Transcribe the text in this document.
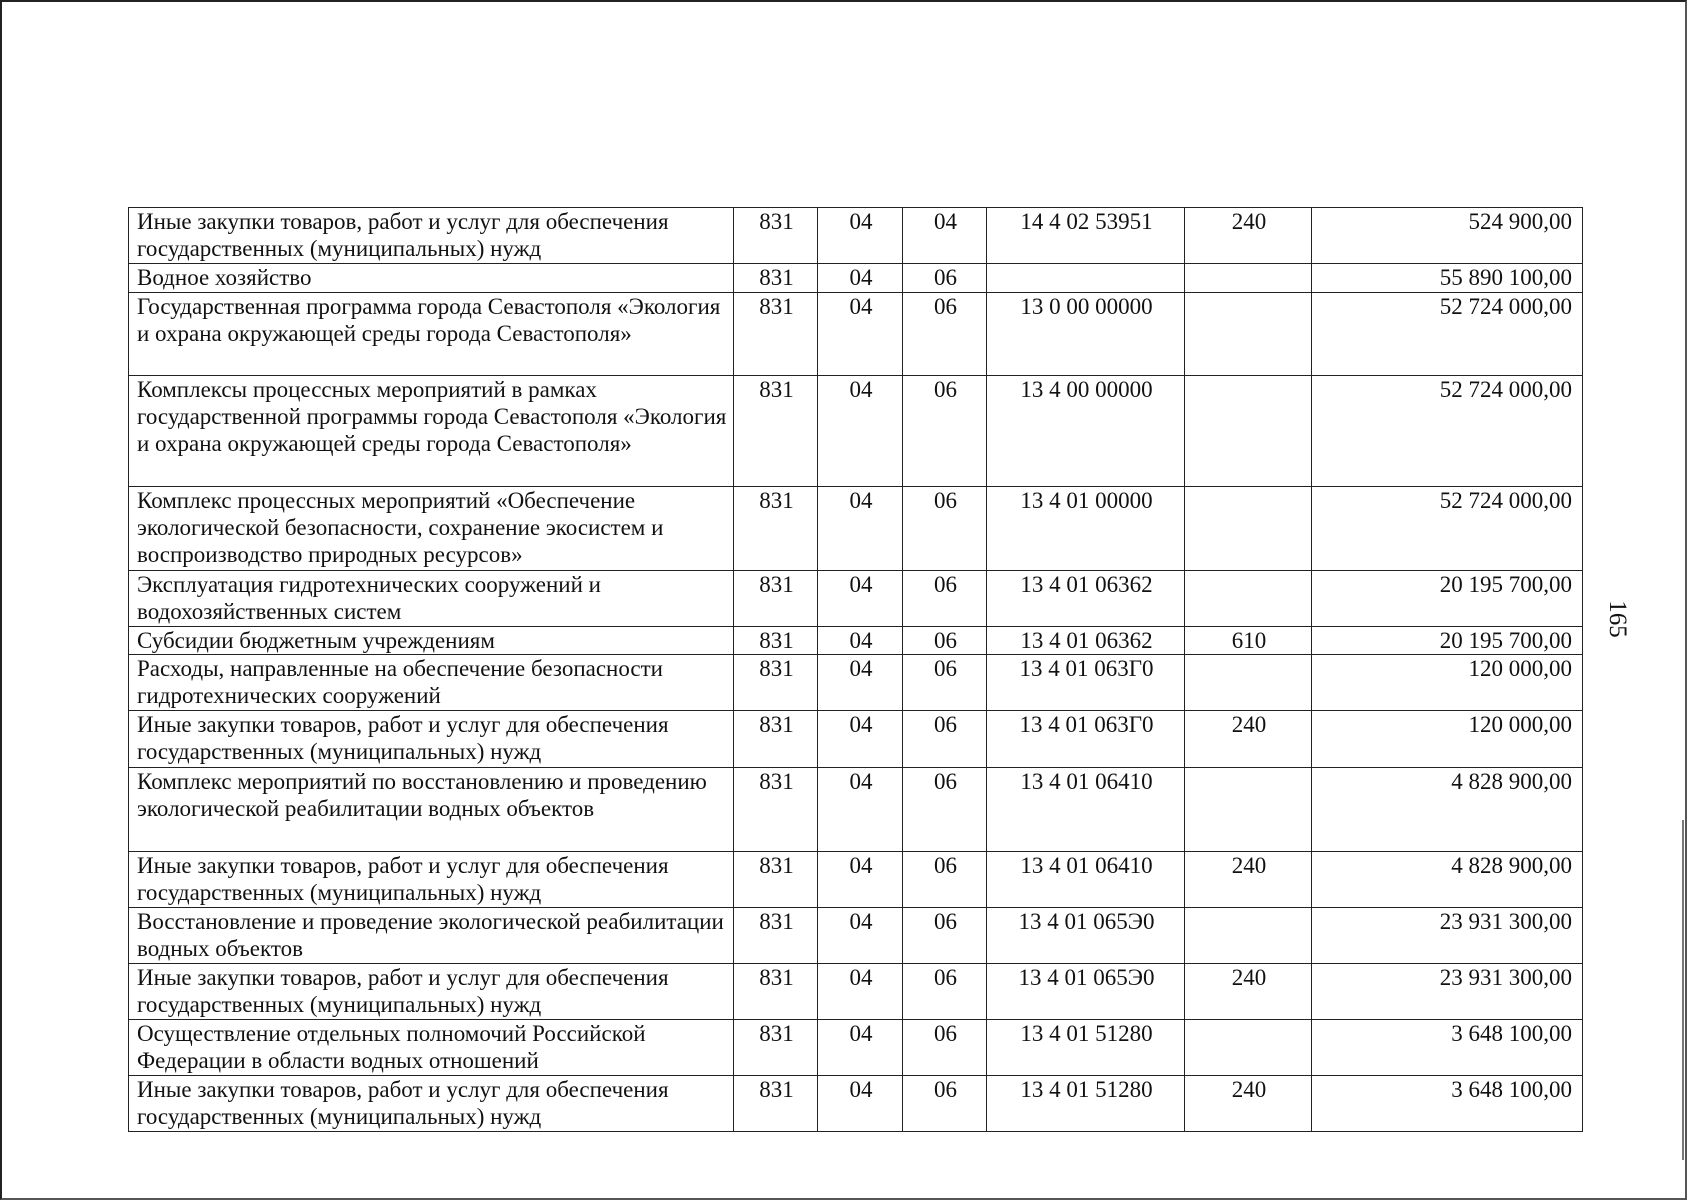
Иные закупки товаров, работ и услуг для обеспечения государственных (муниципальных) нужд	831	04	04	14 4 02 53951	240	524 900,00
Водное хозяйство	831	04	06			55 890 100,00
Государственная программа города Севастополя «Экология и охрана окружающей среды города Севастополя»	831	04	06	13 0 00 00000		52 724 000,00
Комплексы процессных мероприятий в рамках государственной программы города Севастополя «Экология и охрана окружающей среды города Севастополя»	831	04	06	13 4 00 00000		52 724 000,00
Комплекс процессных мероприятий «Обеспечение экологической безопасности, сохранение экосистем и воспроизводство природных ресурсов»	831	04	06	13 4 01 00000		52 724 000,00
Эксплуатация гидротехнических сооружений и водохозяйственных систем	831	04	06	13 4 01 06362		20 195 700,00
Субсидии бюджетным учреждениям	831	04	06	13 4 01 06362	610	20 195 700,00
Расходы, направленные на обеспечение безопасности гидротехнических сооружений	831	04	06	13 4 01 063Г0		120 000,00
Иные закупки товаров, работ и услуг для обеспечения государственных (муниципальных) нужд	831	04	06	13 4 01 063Г0	240	120 000,00
Комплекс мероприятий по восстановлению и проведению экологической реабилитации водных объектов	831	04	06	13 4 01 06410		4 828 900,00
Иные закупки товаров, работ и услуг для обеспечения государственных (муниципальных) нужд	831	04	06	13 4 01 06410	240	4 828 900,00
Восстановление и проведение экологической реабилитации водных объектов	831	04	06	13 4 01 065Э0		23 931 300,00
Иные закупки товаров, работ и услуг для обеспечения государственных (муниципальных) нужд	831	04	06	13 4 01 065Э0	240	23 931 300,00
Осуществление отдельных полномочий Российской Федерации в области водных отношений	831	04	06	13 4 01 51280		3 648 100,00
Иные закупки товаров, работ и услуг для обеспечения государственных (муниципальных) нужд	831	04	06	13 4 01 51280	240	3 648 100,00
165
